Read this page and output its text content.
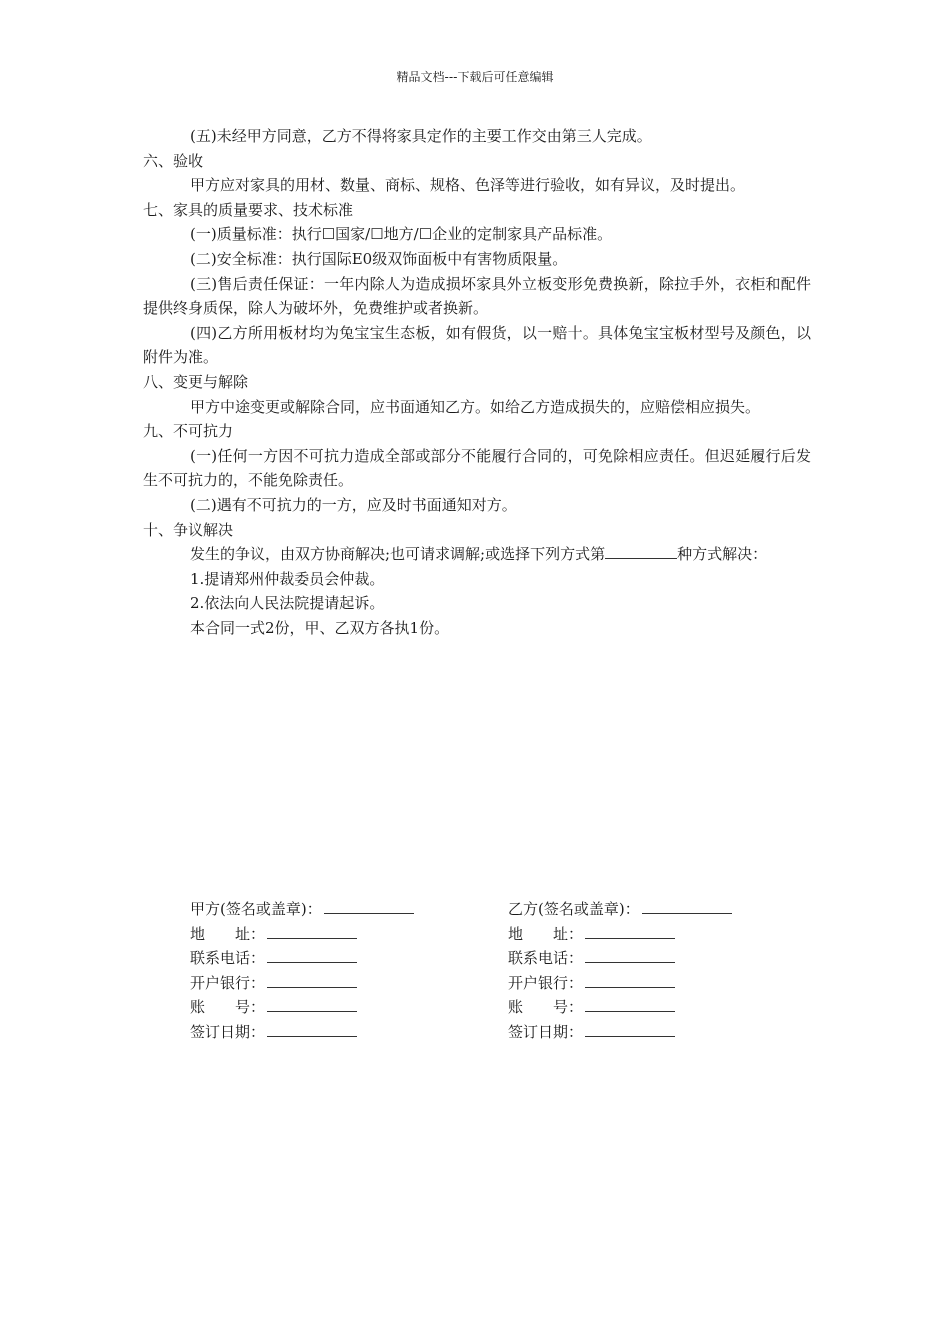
精品文档---下载后可任意编辑

(五)未经甲方同意，乙方不得将家具定作的主要工作交由第三人完成。

六、验收

甲方应对家具的用材、数量、商标、规格、色泽等进行验收，如有异议，及时提出。

七、家具的质量要求、技术标准

(一)质量标准：执行☐国家/☐地方/☐企业的定制家具产品标准。

(二)安全标准：执行国际E0级双饰面板中有害物质限量。

(三)售后责任保证：一年内除人为造成损坏家具外立板变形免费换新，除拉手外，衣柜和配件提供终身质保，除人为破坏外，免费维护或者换新。

(四)乙方所用板材均为兔宝宝生态板，如有假货，以一赔十。具体兔宝宝板材型号及颜色，以附件为准。

八、变更与解除

甲方中途变更或解除合同，应书面通知乙方。如给乙方造成损失的，应赔偿相应损失。

九、不可抗力

(一)任何一方因不可抗力造成全部或部分不能履行合同的，可免除相应责任。但迟延履行后发生不可抗力的，不能免除责任。

(二)遇有不可抗力的一方，应及时书面通知对方。

十、争议解决

发生的争议，由双方协商解决;也可请求调解;或选择下列方式第	种方式解决：

1.提请郑州仲裁委员会仲裁。

2.依法向人民法院提请起诉。

本合同一式2份，甲、乙双方各执1份。

甲方(签名或盖章)：
地　　址：
联系电话：
开户银行：
账　　号：
签订日期：
乙方(签名或盖章)：
地　　址：
联系电话：
开户银行：
账　　号：
签订日期：
